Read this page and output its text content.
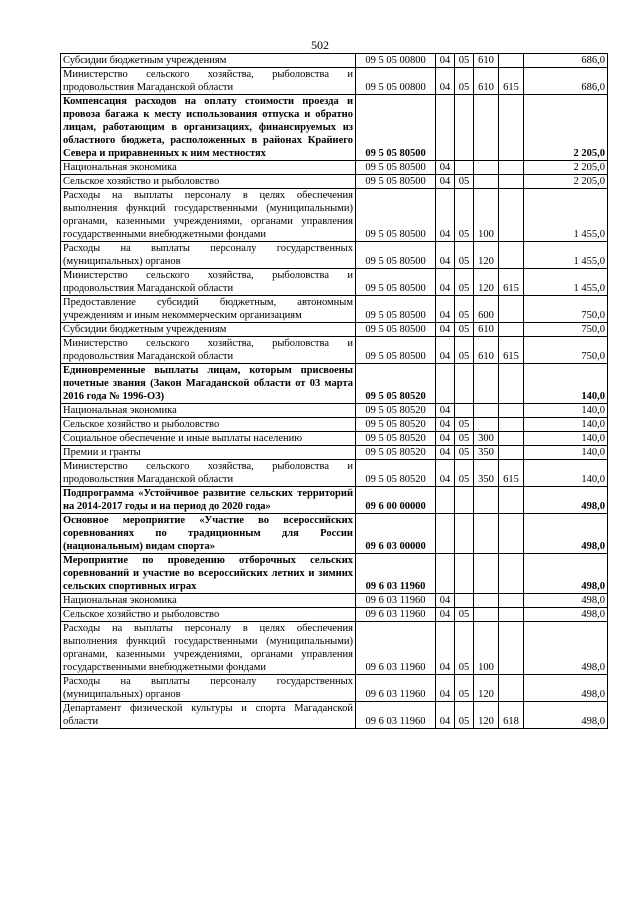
502
Субсидии бюджетным учреждениям	09 5 05 00800	04	05	610		686,0
Министерство сельского хозяйства, рыболовства и продовольствия Магаданской области	09 5 05 00800	04	05	610	615	686,0
Компенсация расходов на оплату стоимости проезда и провоза багажа к месту использования отпуска и обратно лицам, работающим в организациях, финансируемых из областного бюджета, расположенных в районах Крайнего Севера и приравненных к ним местностях	09 5 05 80500					2 205,0
Национальная экономика	09 5 05 80500	04				2 205,0
Сельское хозяйство и рыболовство	09 5 05 80500	04	05			2 205,0
Расходы на выплаты персоналу в целях обеспечения выполнения функций государственными (муниципальными) органами, казенными учреждениями, органами управления государственными внебюджетными фондами	09 5 05 80500	04	05	100		1 455,0
Расходы на выплаты персоналу государственных (муниципальных) органов	09 5 05 80500	04	05	120		1 455,0
Министерство сельского хозяйства, рыболовства и продовольствия Магаданской области	09 5 05 80500	04	05	120	615	1 455,0
Предоставление субсидий бюджетным, автономным учреждениям и иным некоммерческим организациям	09 5 05 80500	04	05	600		750,0
Субсидии бюджетным учреждениям	09 5 05 80500	04	05	610		750,0
Министерство сельского хозяйства, рыболовства и продовольствия Магаданской области	09 5 05 80500	04	05	610	615	750,0
Единовременные выплаты лицам, которым присвоены почетные звания (Закон Магаданской области от 03 марта 2016 года № 1996-ОЗ)	09 5 05 80520					140,0
Национальная экономика	09 5 05 80520	04				140,0
Сельское хозяйство и рыболовство	09 5 05 80520	04	05			140,0
Социальное обеспечение и иные выплаты населению	09 5 05 80520	04	05	300		140,0
Премии и гранты	09 5 05 80520	04	05	350		140,0
Министерство сельского хозяйства, рыболовства и продовольствия Магаданской области	09 5 05 80520	04	05	350	615	140,0
Подпрограмма «Устойчивое развитие сельских территорий на 2014-2017 годы и на период до 2020 года»	09 6 00 00000					498,0
Основное мероприятие «Участие во всероссийских соревнованиях по традиционным для России (национальным) видам спорта»	09 6 03 00000					498,0
Мероприятие по проведению отборочных сельских соревнований и участие во всероссийских летних и зимних сельских спортивных играх	09 6 03 11960					498,0
Национальная экономика	09 6 03 11960	04				498,0
Сельское хозяйство и рыболовство	09 6 03 11960	04	05			498,0
Расходы на выплаты персоналу в целях обеспечения выполнения функций государственными (муниципальными) органами, казенными учреждениями, органами управления государственными внебюджетными фондами	09 6 03 11960	04	05	100		498,0
Расходы на выплаты персоналу государственных (муниципальных) органов	09 6 03 11960	04	05	120		498,0
Департамент физической культуры и спорта Магаданской области	09 6 03 11960	04	05	120	618	498,0
